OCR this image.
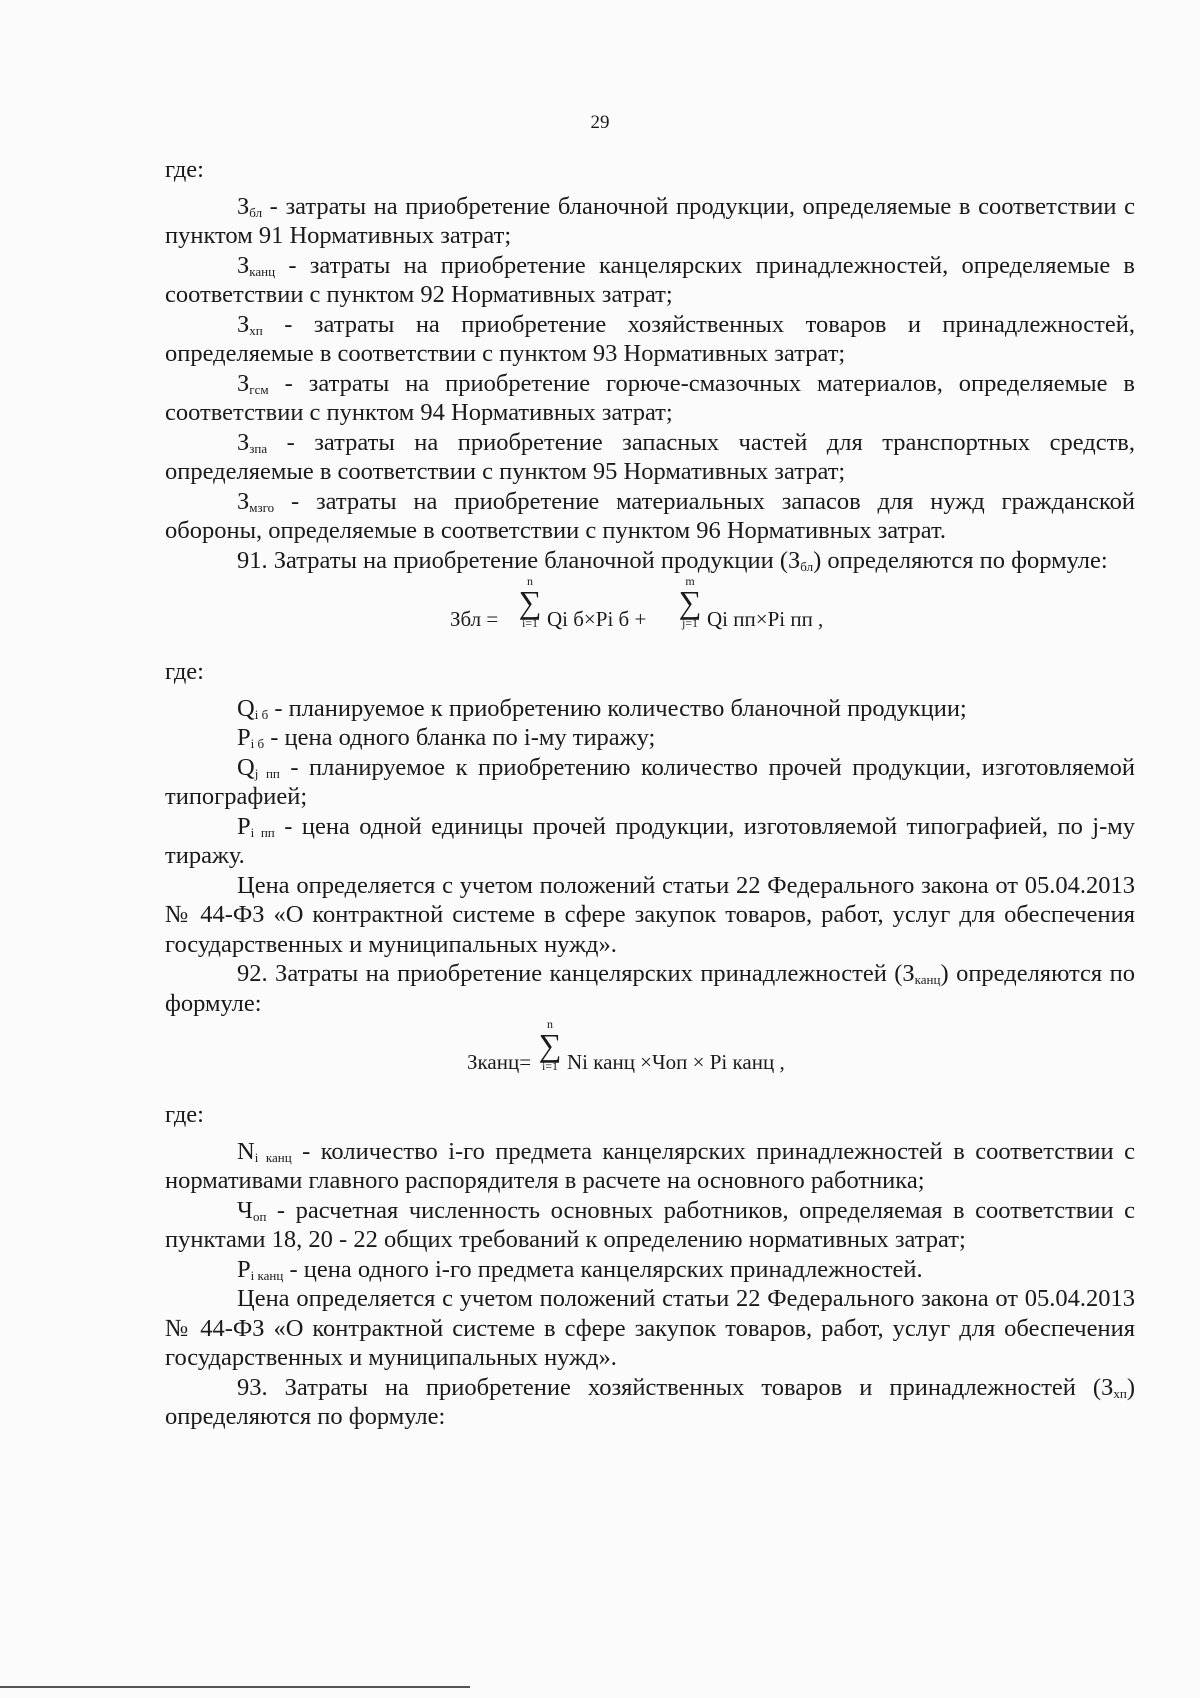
29

где:

$З_{бл}$ - затраты на приобретение бланочной продукции, определяемые в соответствии с пунктом 91 Нормативных затрат;

$З_{канц}$ - затраты на приобретение канцелярских принадлежностей, определяемые в соответствии с пунктом 92 Нормативных затрат;

$З_{хп}$ - затраты на приобретение хозяйственных товаров и принадлежностей, определяемые в соответствии с пунктом 93 Нормативных затрат;

$З_{гсм}$ - затраты на приобретение горюче-смазочных материалов, определяемые в соответствии с пунктом 94 Нормативных затрат;

$З_{зпа}$ - затраты на приобретение запасных частей для транспортных средств, определяемые в соответствии с пунктом 95 Нормативных затрат;

$З_{мзго}$ - затраты на приобретение материальных запасов для нужд гражданской обороны, определяемые в соответствии с пунктом 96 Нормативных затрат.

91. Затраты на приобретение бланочной продукции $(З_{бл})$ определяются по формуле:

Збл =
n
∑
i=1 Qi б×Pi б +
m
∑
j=1 Qi пп×Pi пп ,

где:

$Q_{i б}$ - планируемое к приобретению количество бланочной продукции;

$P_{i б}$ - цена одного бланка по i-му тиражу;

$Q_{j пп}$ - планируемое к приобретению количество прочей продукции, изготовляемой типографией;

$P_{i пп}$ - цена одной единицы прочей продукции, изготовляемой типографией, по j-му тиражу.

Цена определяется с учетом положений статьи 22 Федерального закона от 05.04.2013 № 44-ФЗ «О контрактной системе в сфере закупок товаров, работ, услуг для обеспечения государственных и муниципальных нужд».

92. Затраты на приобретение канцелярских принадлежностей $(З_{канц})$ определяются по формуле:

Зканц=
n
∑
i=1 Ni канц ×Чоп × Pi канц ,

где:

$N_{i канц}$ - количество i-го предмета канцелярских принадлежностей в соответствии с нормативами главного распорядителя в расчете на основного работника;

$Ч_{оп}$ - расчетная численность основных работников, определяемая в соответствии с пунктами 18, 20 - 22 общих требований к определению нормативных затрат;

$P_{i канц}$ - цена одного i-го предмета канцелярских принадлежностей.

Цена определяется с учетом положений статьи 22 Федерального закона от 05.04.2013 № 44-ФЗ «О контрактной системе в сфере закупок товаров, работ, услуг для обеспечения государственных и муниципальных нужд».

93. Затраты на приобретение хозяйственных товаров и принадлежностей $(З_{хп})$ определяются по формуле:
